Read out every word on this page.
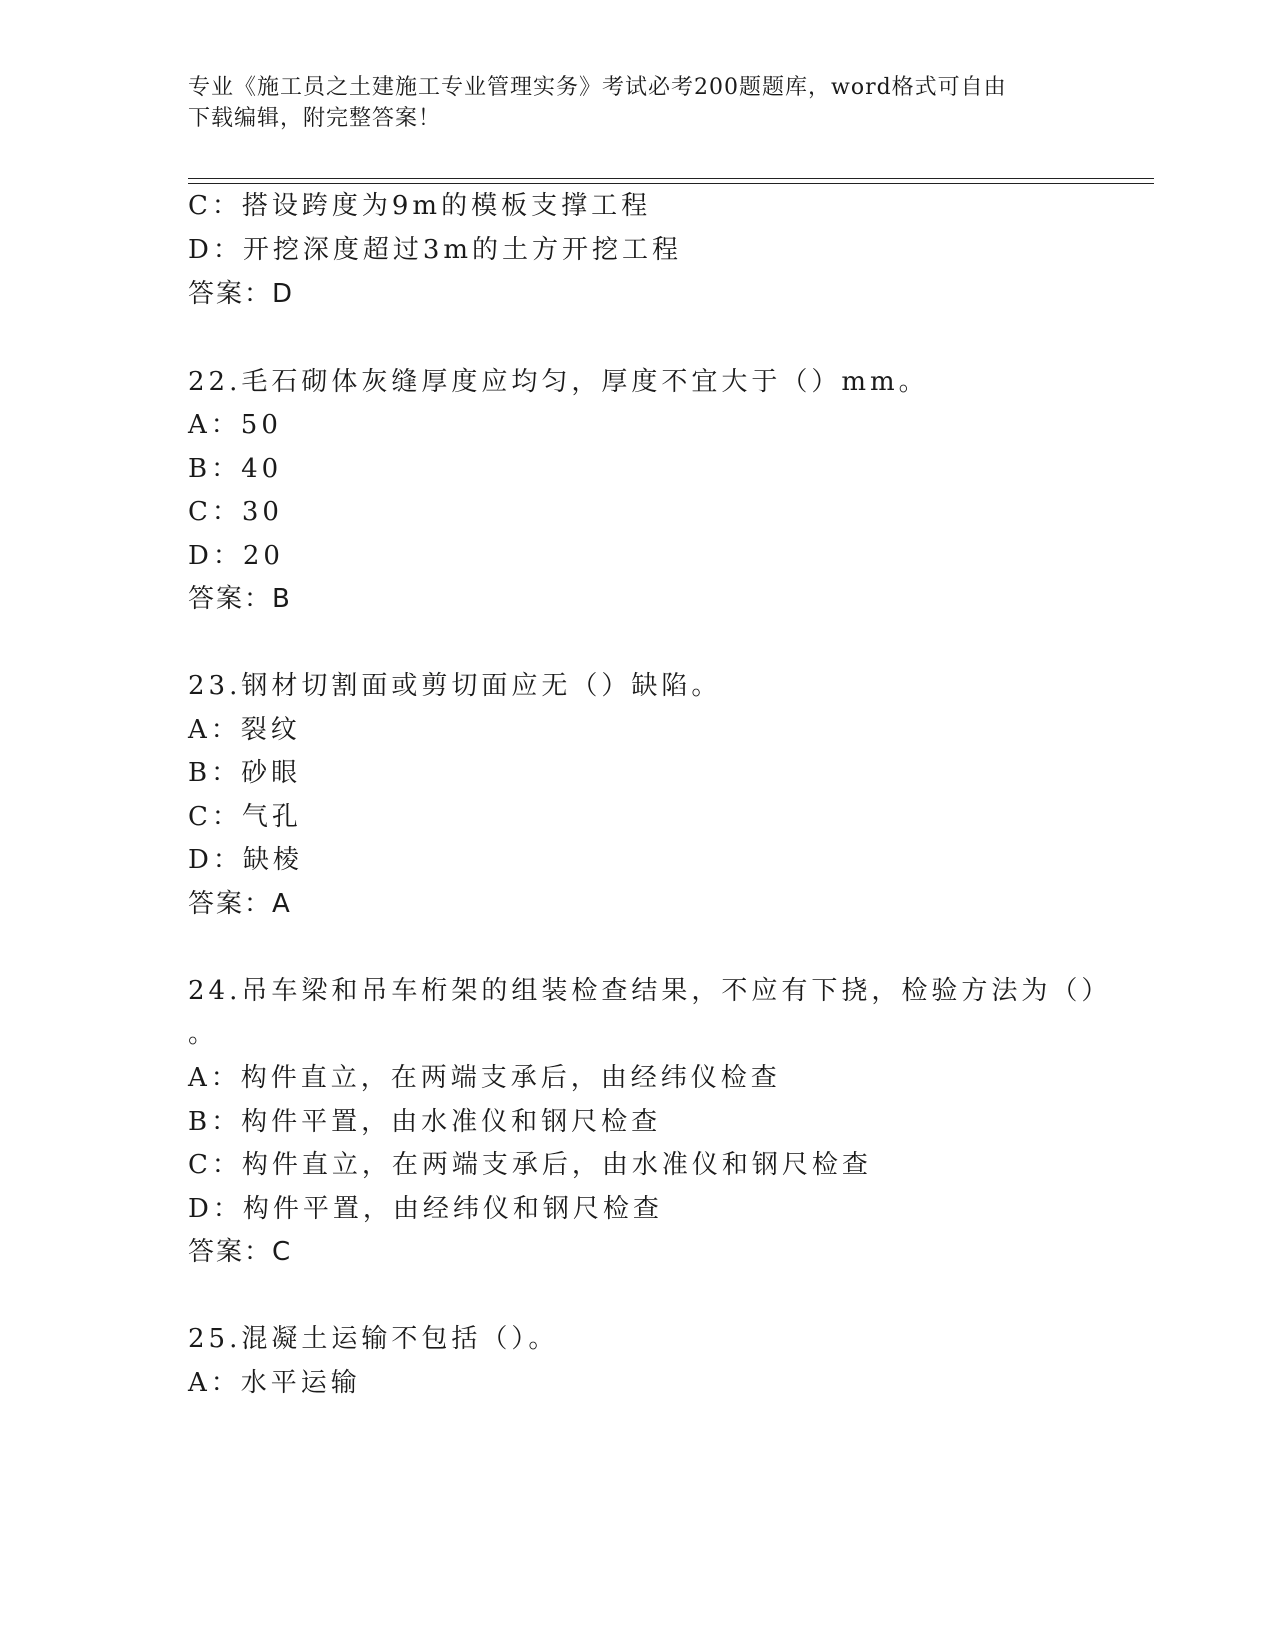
专业《施工员之土建施工专业管理实务》考试必考200题题库，word格式可自由
下载编辑，附完整答案！
C：搭设跨度为9m的模板支撑工程
D：开挖深度超过3m的土方开挖工程
答案：D
22.毛石砌体灰缝厚度应均匀，厚度不宜大于（）mm。
A：50
B：40
C：30
D：20
答案：B
23.钢材切割面或剪切面应无（）缺陷。
A：裂纹
B：砂眼
C：气孔
D：缺棱
答案：A
24.吊车梁和吊车桁架的组装检查结果，不应有下挠，检验方法为（）
。
A：构件直立，在两端支承后，由经纬仪检查
B：构件平置，由水准仪和钢尺检查
C：构件直立，在两端支承后，由水准仪和钢尺检查
D：构件平置，由经纬仪和钢尺检查
答案：C
25.混凝土运输不包括（）。
A：水平运输
